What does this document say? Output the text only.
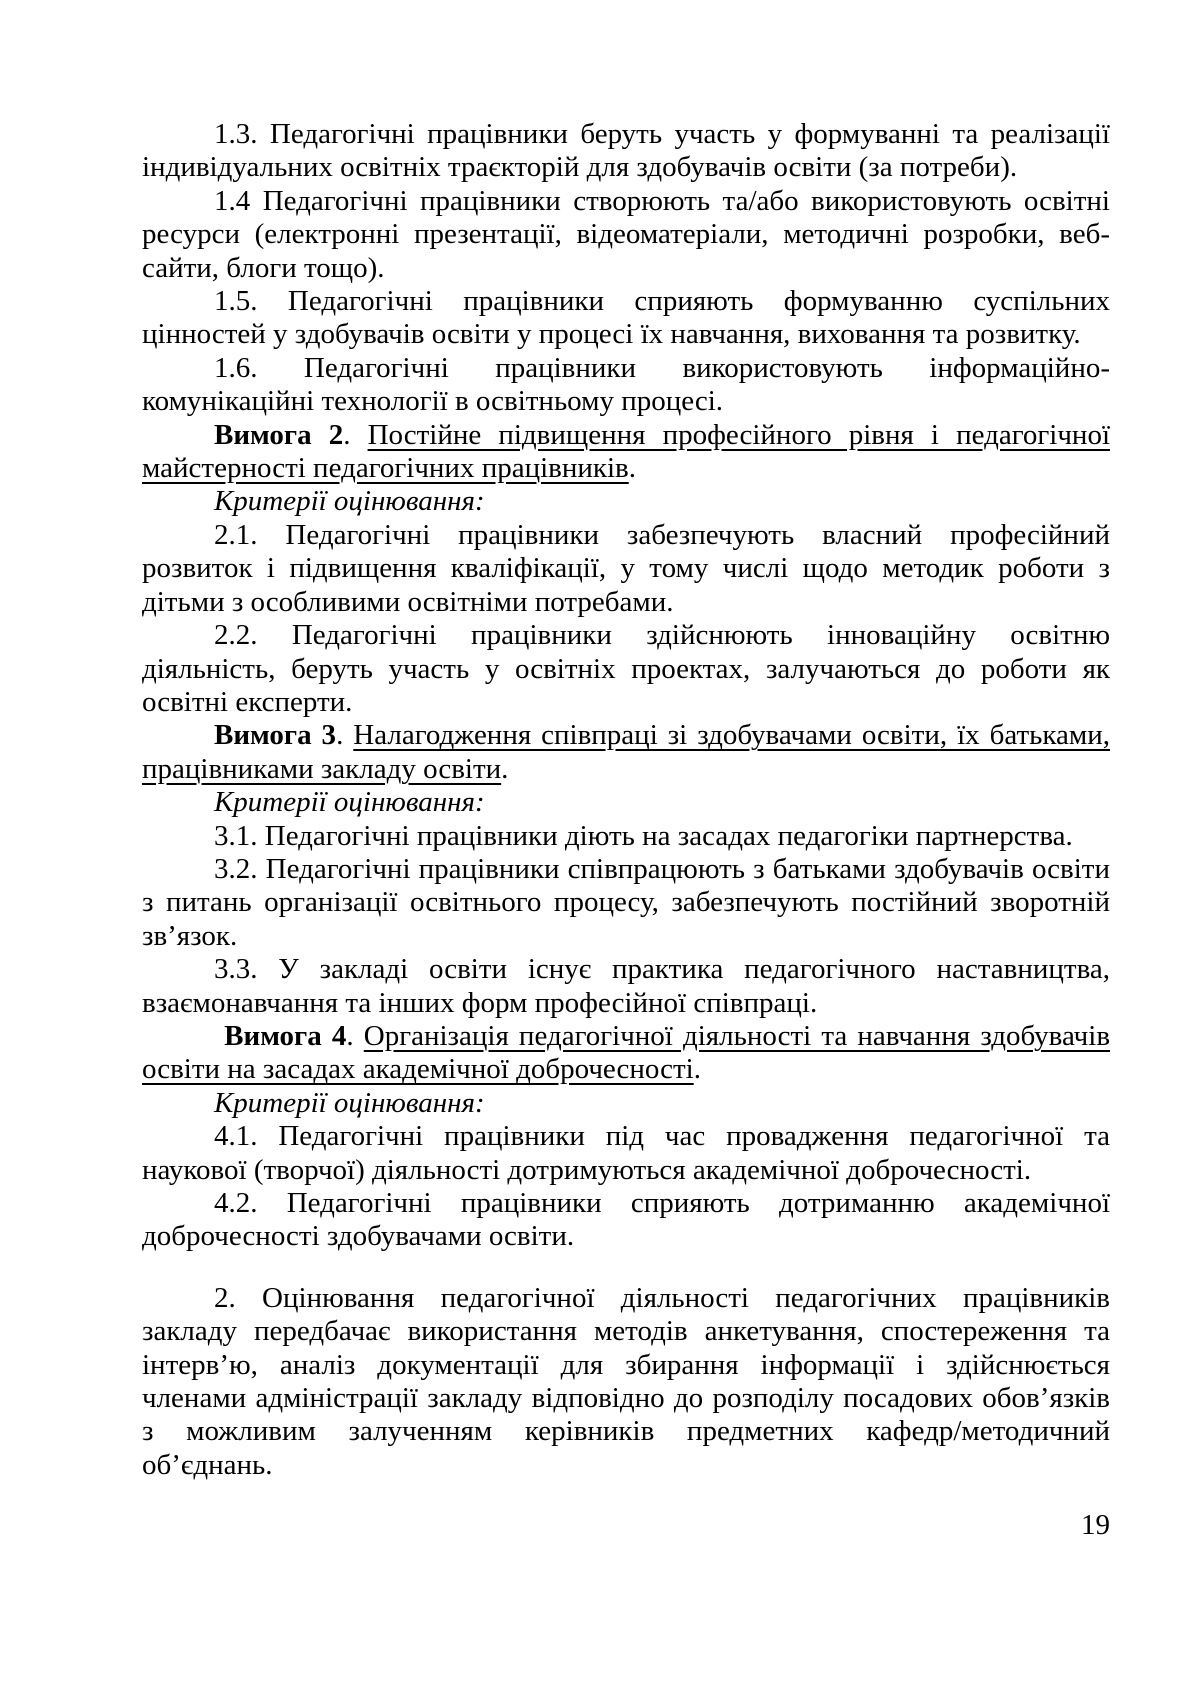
1.3. Педагогічні працівники беруть участь у формуванні та реалізації індивідуальних освітніх траєкторій для здобувачів освіти (за потреби).

1.4 Педагогічні працівники створюють та/або використовують освітні ресурси (електронні презентації, відеоматеріали, методичні розробки, веб-сайти, блоги тощо).

1.5. Педагогічні працівники сприяють формуванню суспільних цінностей у здобувачів освіти у процесі їх навчання, виховання та розвитку.

1.6. Педагогічні працівники використовують інформаційно-комунікаційні технології в освітньому процесі.

Вимога 2. Постійне підвищення професійного рівня і педагогічної майстерності педагогічних працівників.

Критерії оцінювання:

2.1. Педагогічні працівники забезпечують власний професійний розвиток і підвищення кваліфікації, у тому числі щодо методик роботи з дітьми з особливими освітніми потребами.

2.2. Педагогічні працівники здійснюють інноваційну освітню діяльність, беруть участь у освітніх проектах, залучаються до роботи як освітні експерти.

Вимога 3. Налагодження співпраці зі здобувачами освіти, їх батьками, працівниками закладу освіти.

Критерії оцінювання:

3.1. Педагогічні працівники діють на засадах педагогіки партнерства.

3.2. Педагогічні працівники співпрацюють з батьками здобувачів освіти з питань організації освітнього процесу, забезпечують постійний зворотній зв’язок.

3.3. У закладі освіти існує практика педагогічного наставництва, взаємонавчання та інших форм професійної співпраці.

Вимога 4. Організація педагогічної діяльності та навчання здобувачів освіти на засадах академічної доброчесності.

Критерії оцінювання:

4.1. Педагогічні працівники під час провадження педагогічної та наукової (творчої) діяльності дотримуються академічної доброчесності.

4.2. Педагогічні працівники сприяють дотриманню академічної доброчесності здобувачами освіти.

2. Оцінювання педагогічної діяльності педагогічних працівників закладу передбачає використання методів анкетування, спостереження та інтерв’ю, аналіз документації для збирання інформації і здійснюється членами адміністрації закладу відповідно до розподілу посадових обов’язків з можливим залученням керівників предметних кафедр/методичний об’єднань.

19
